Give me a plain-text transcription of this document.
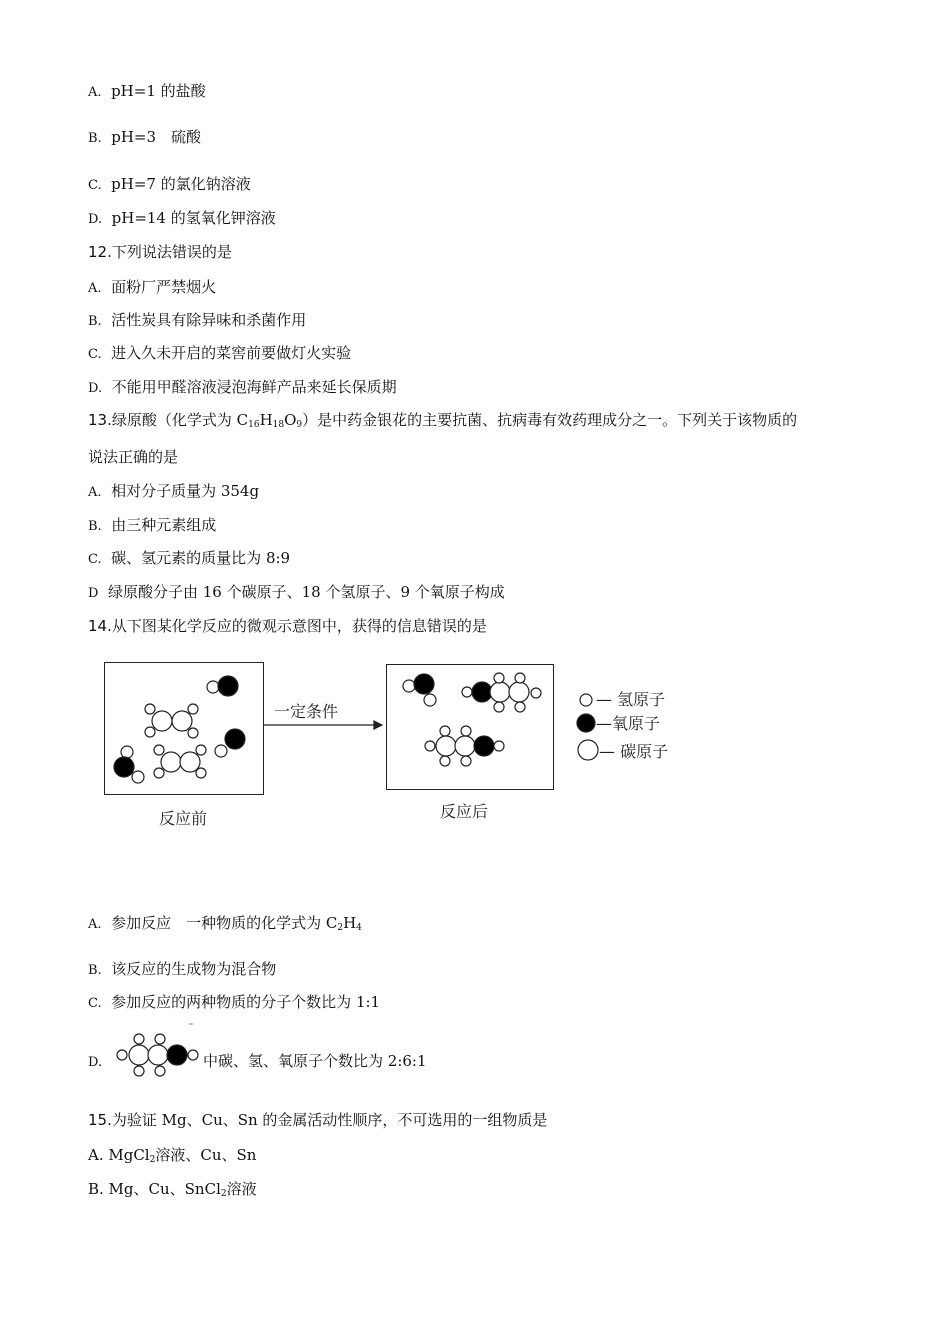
A. pH=1 的盐酸
B. pH=3　硫酸
C. pH=7 的氯化钠溶液
D. pH=14 的氢氧化钾溶液
12.下列说法错误的是
A. 面粉厂严禁烟火
B. 活性炭具有除异味和杀菌作用
C. 进入久未开启的菜窖前要做灯火实验
D. 不能用甲醛溶液浸泡海鲜产品来延长保质期
13.绿原酸（化学式为 $C_{16}H_{18}O_9$）是中药金银花的主要抗菌、抗病毒有效药理成分之一。下列关于该物质的
说法正确的是
A. 相对分子质量为 354g
B. 由三种元素组成
C. 碳、氢元素的质量比为 8:9
D 绿原酸分子由 16 个碳原子、18 个氢原子、9 个氧原子构成
14.从下图某化学反应的微观示意图中，获得的信息错误的是
反应前	反应后
一定条件
— 氢原子
—氧原子
— 碳原子
A. 参加反应　一种物质的化学式为 $C_2H_4$
B. 该反应的生成物为混合物
C. 参加反应的两种物质的分子个数比为 1:1
D.	中碳、氢、氧原子个数比为 2:6:1
15.为验证 Mg、Cu、Sn 的金属活动性顺序，不可选用的一组物质是
A. MgCl$_2$溶液、Cu、Sn
B. Mg、Cu、SnCl$_2$溶液
